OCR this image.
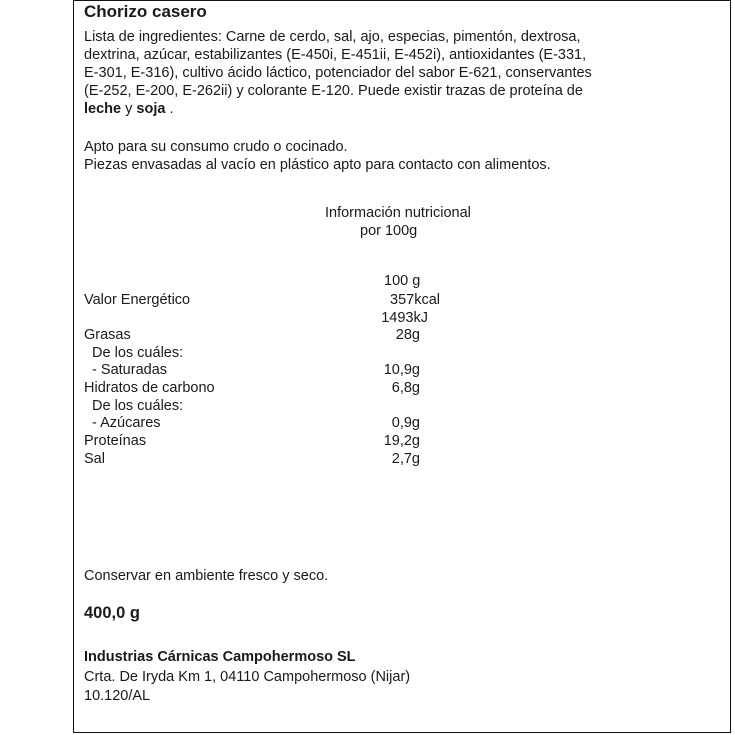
Chorizo casero
Lista de ingredientes: Carne de cerdo, sal, ajo, especias, pimentón, dextrosa,
dextrina, azúcar, estabilizantes (E-450i, E-451ii, E-452i), antioxidantes (E-331,
E-301, E-316), cultivo ácido láctico, potenciador del sabor E-621, conservantes
(E-252, E-200, E-262ii) y colorante E-120. Puede existir trazas de proteína de
leche y soja .
Apto para su consumo crudo o cocinado.
Piezas envasadas al vacío en plástico apto para contacto con alimentos.
Información nutricional
por 100g
100 g
Valor Energético	357kcal
1493kJ
Grasas	28g
De los cuáles:
- Saturadas	10,9g
Hidratos de carbono	6,8g
De los cuáles:
- Azúcares	0,9g
Proteínas	19,2g
Sal	2,7g
Conservar en ambiente fresco y seco.
400,0 g
Industrias Cárnicas Campohermoso SL
Crta. De Iryda Km 1, 04110 Campohermoso (Nijar)
10.120/AL
